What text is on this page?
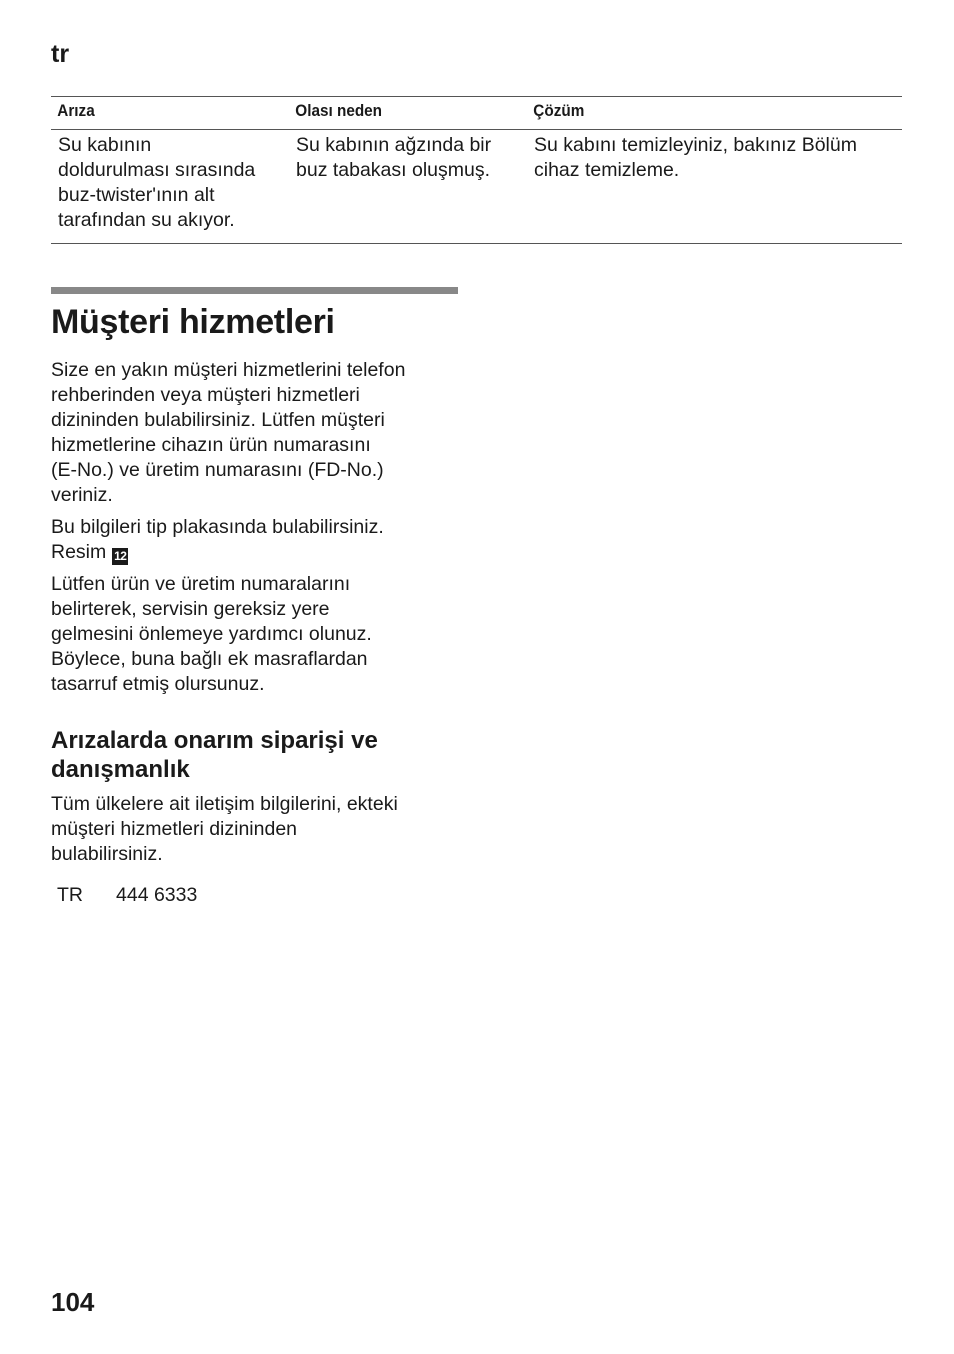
tr
Arıza	Olası neden	Çözüm
Su kabının
doldurulması sırasında
buz-twister'ının alt
tarafından su akıyor.	Su kabının ağzında bir
buz tabakası oluşmuş.	Su kabını temizleyiniz, bakınız Bölüm
cihaz temizleme.
Müşteri hizmetleri

Size en yakın müşteri hizmetlerini telefon
rehberinden veya müşteri hizmetleri
dizininden bulabilirsiniz. Lütfen müşteri
hizmetlerine cihazın ürün numarasını
(E-No.) ve üretim numarasını (FD-No.)
veriniz.

Bu bilgileri tip plakasında bulabilirsiniz.
Resim 12

Lütfen ürün ve üretim numaralarını
belirterek, servisin gereksiz yere
gelmesini önlemeye yardımcı olunuz.
Böylece, buna bağlı ek masraflardan
tasarruf etmiş olursunuz.

Arızalarda onarım siparişi ve
danışmanlık

Tüm ülkelere ait iletişim bilgilerini, ekteki
müşteri hizmetleri dizininden
bulabilirsiniz.

TR 444 6333
104
